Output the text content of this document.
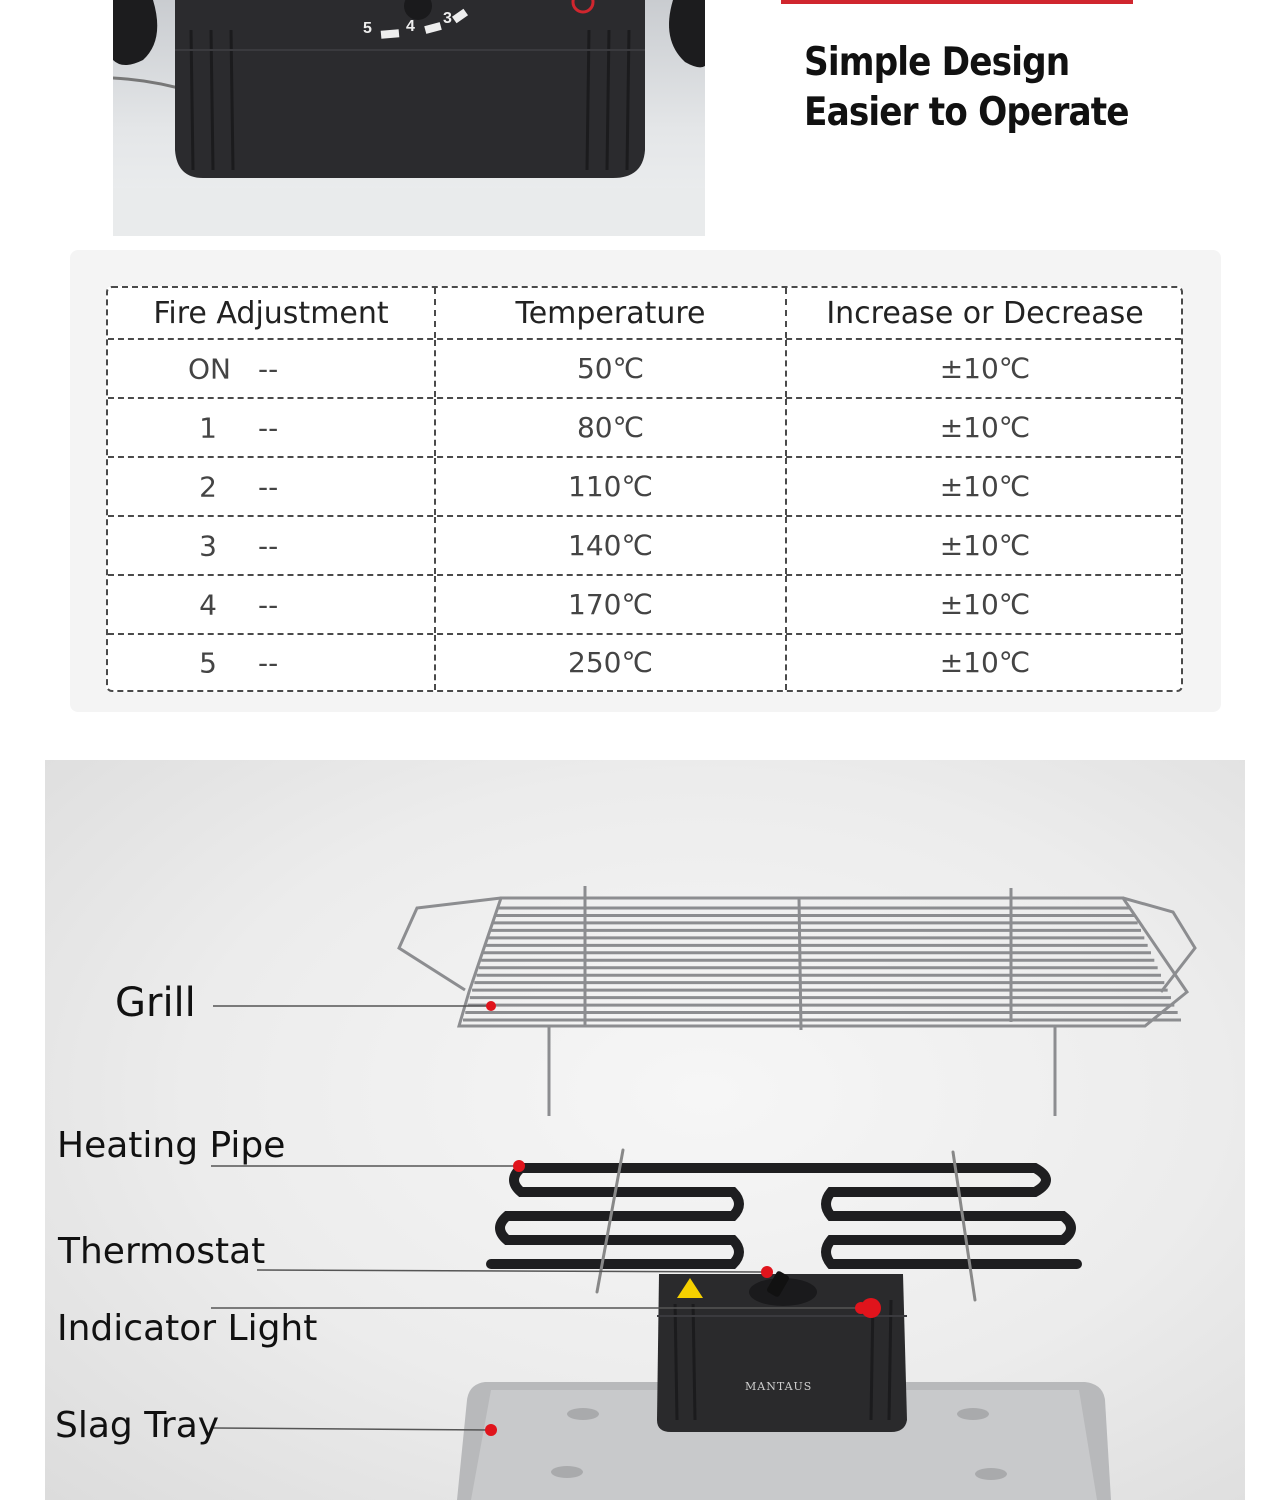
5 4 3
Simple Design
Easier to Operate
Fire Adjustment	Temperature	Increase or Decrease
ON --	50℃	±10℃
1	--	80℃	±10℃
2	--	110℃	±10℃
3	--	140℃	±10℃
4	--	170℃	±10℃
5	--	250℃	±10℃
Grill
Heating Pipe
Thermostat
Indicator Light
Slag Tray
MANTAUS
